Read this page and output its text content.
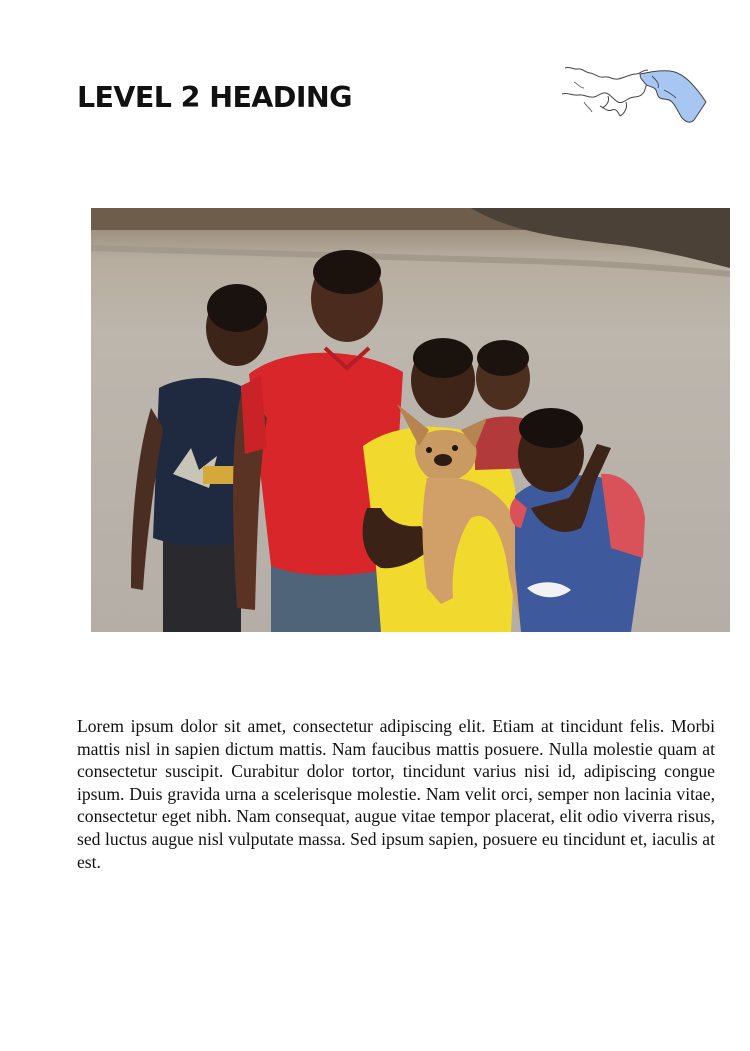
LEVEL 2 HEADING

Lorem ipsum dolor sit amet, consectetur adipiscing elit. Etiam at tincidunt felis. Morbi mattis nisl in sapien dictum mattis. Nam faucibus mattis posuere. Nulla molestie quam at consectetur suscipit. Curabitur dolor tortor, tincidunt varius nisi id, adipiscing congue ipsum. Duis gravida urna a scelerisque molestie. Nam velit orci, semper non lacinia vitae, consectetur eget nibh. Nam consequat, augue vitae tempor placerat, elit odio viverra risus, sed luctus augue nisl vulputate massa. Sed ipsum sapien, posuere eu tincidunt et, iaculis at est.
